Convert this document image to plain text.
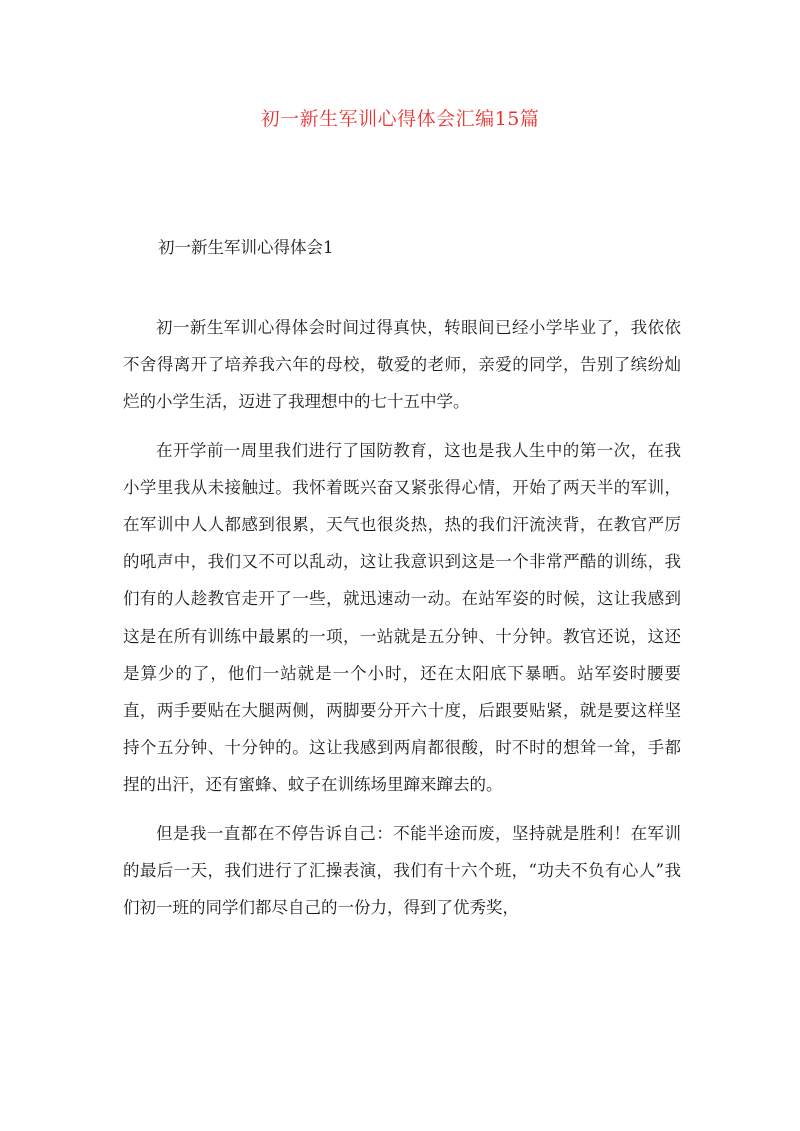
初一新生军训心得体会汇编15篇
初一新生军训心得体会1

初一新生军训心得体会时间过得真快，转眼间已经小学毕业了，我依依不舍得离开了培养我六年的母校，敬爱的老师，亲爱的同学，告别了缤纷灿烂的小学生活，迈进了我理想中的七十五中学。

在开学前一周里我们进行了国防教育，这也是我人生中的第一次，在我小学里我从未接触过。我怀着既兴奋又紧张得心情，开始了两天半的军训，在军训中人人都感到很累，天气也很炎热，热的我们汗流浃背，在教官严厉的吼声中，我们又不可以乱动，这让我意识到这是一个非常严酷的训练，我们有的人趁教官走开了一些，就迅速动一动。在站军姿的时候，这让我感到这是在所有训练中最累的一项，一站就是五分钟、十分钟。教官还说，这还是算少的了，他们一站就是一个小时，还在太阳底下暴晒。站军姿时腰要直，两手要贴在大腿两侧，两脚要分开六十度，后跟要贴紧，就是要这样坚持个五分钟、十分钟的。这让我感到两肩都很酸，时不时的想耸一耸，手都捏的出汗，还有蜜蜂、蚊子在训练场里蹿来蹿去的。

但是我一直都在不停告诉自己：不能半途而废，坚持就是胜利！在军训的最后一天，我们进行了汇操表演，我们有十六个班，“功夫不负有心人”我们初一班的同学们都尽自己的一份力，得到了优秀奖，
